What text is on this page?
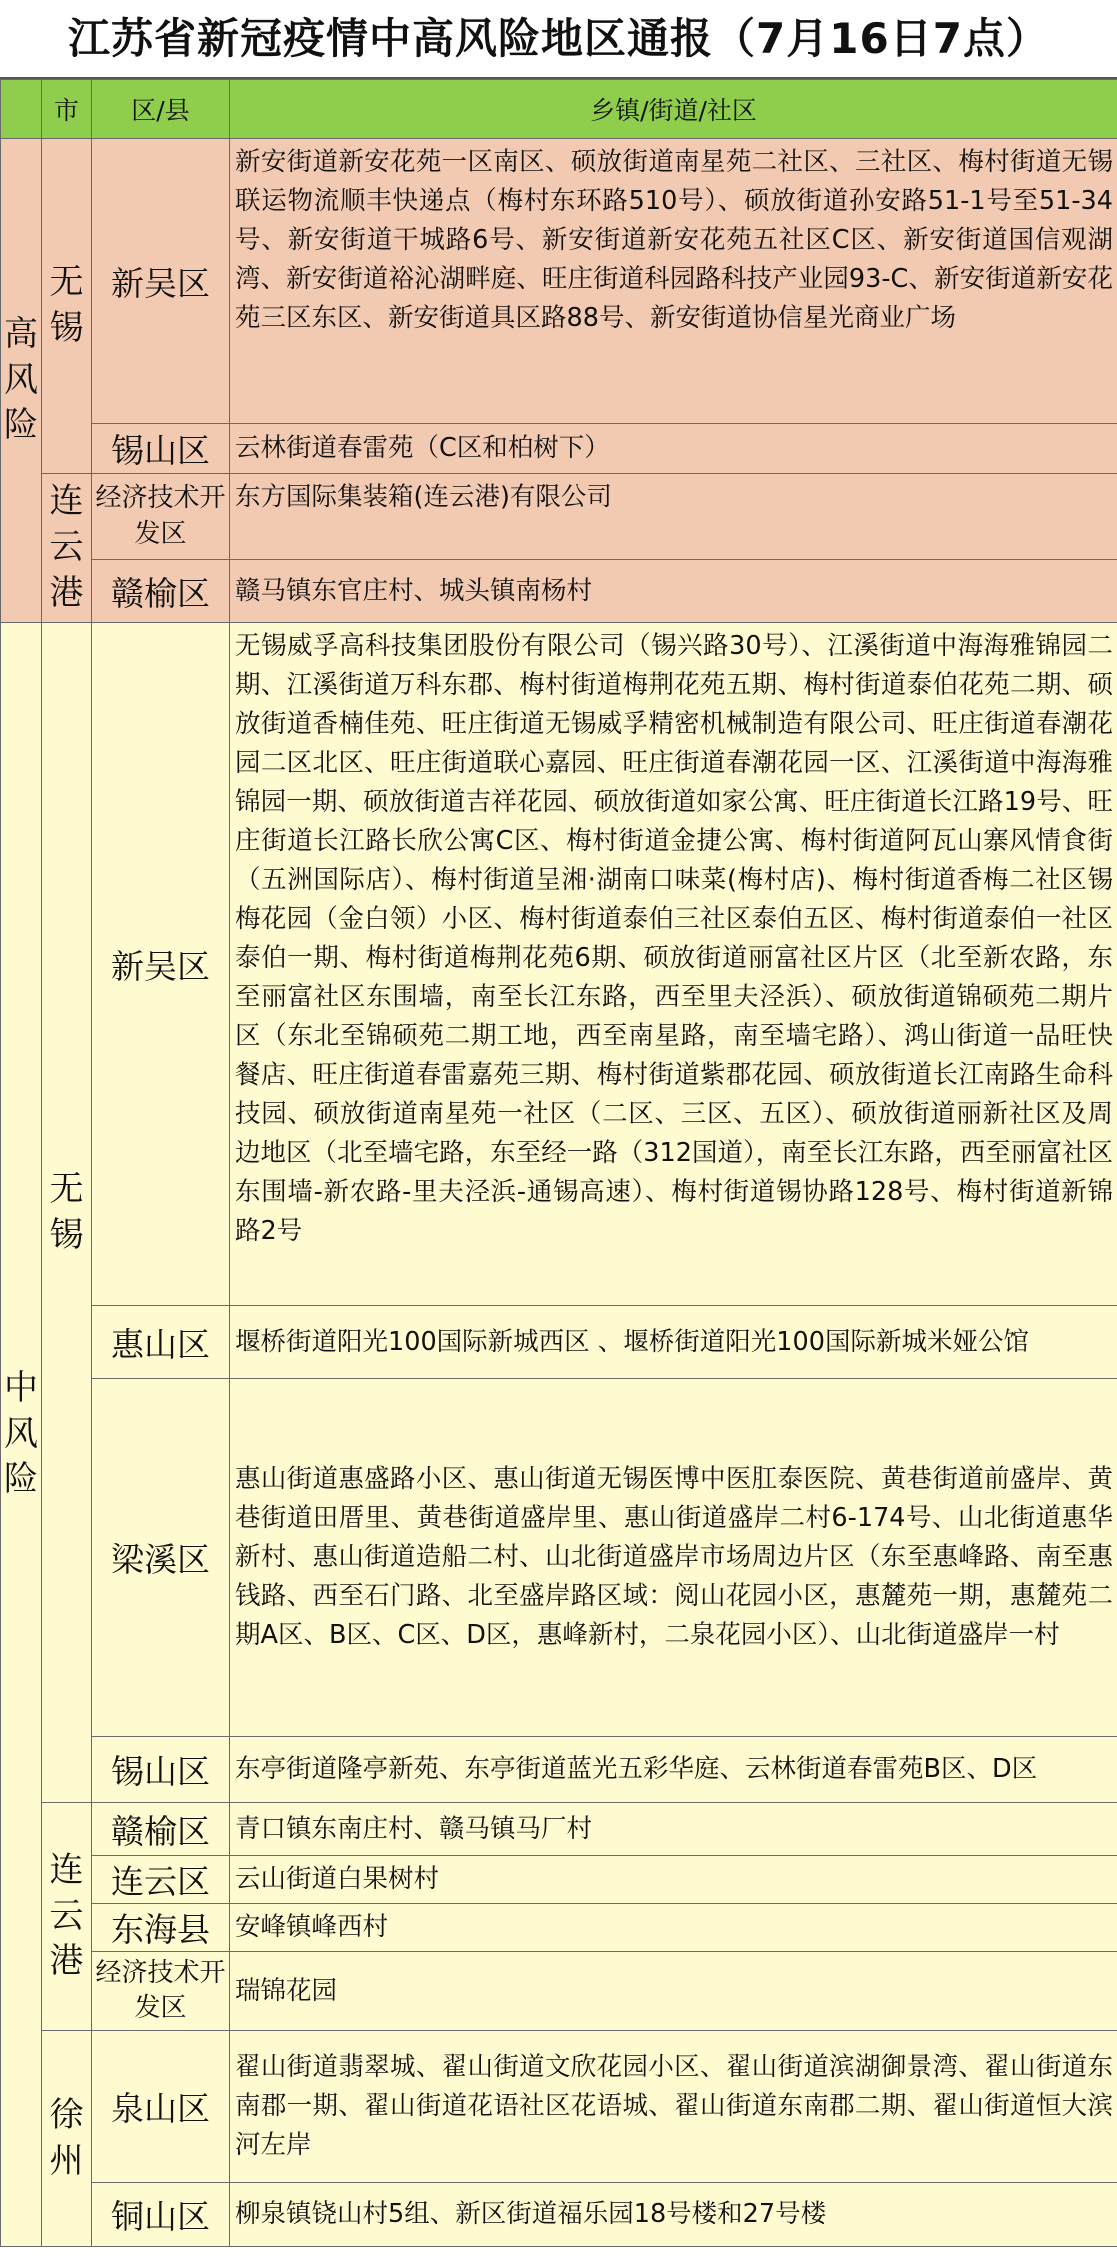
江苏省新冠疫情中高风险地区通报（7月16日7点）
	市	区/县	乡镇/街道/社区
高风险	无锡	新吴区	新安街道新安花苑一区南区、硕放街道南星苑二社区、三社区、梅村街道无锡联运物流顺丰快递点（梅村东环路510号）、硕放街道孙安路51-1号至51-34号、新安街道干城路6号、新安街道新安花苑五社区C区、新安街道国信观湖湾、新安街道裕沁湖畔庭、旺庄街道科园路科技产业园93-C、新安街道新安花苑三区东区、新安街道具区路88号、新安街道协信星光商业广场
		锡山区	云林街道春雷苑（C区和柏树下）
	连云港	经济技术开发区	东方国际集装箱(连云港)有限公司
		赣榆区	赣马镇东官庄村、城头镇南杨村
中风险	无锡	新吴区	无锡威孚高科技集团股份有限公司（锡兴路30号）、江溪街道中海海雅锦园二期、江溪街道万科东郡、梅村街道梅荆花苑五期、梅村街道泰伯花苑二期、硕放街道香楠佳苑、旺庄街道无锡威孚精密机械制造有限公司、旺庄街道春潮花园二区北区、旺庄街道联心嘉园、旺庄街道春潮花园一区、江溪街道中海海雅锦园一期、硕放街道吉祥花园、硕放街道如家公寓、旺庄街道长江路19号、旺庄街道长江路长欣公寓C区、梅村街道金捷公寓、梅村街道阿瓦山寨风情食街（五洲国际店）、梅村街道呈湘·湖南口味菜(梅村店)、梅村街道香梅二社区锡梅花园（金白领）小区、梅村街道泰伯三社区泰伯五区、梅村街道泰伯一社区泰伯一期、梅村街道梅荆花苑6期、硕放街道丽富社区片区（北至新农路，东至丽富社区东围墙，南至长江东路，西至里夫泾浜）、硕放街道锦硕苑二期片区（东北至锦硕苑二期工地，西至南星路，南至墙宅路）、鸿山街道一品旺快餐店、旺庄街道春雷嘉苑三期、梅村街道紫郡花园、硕放街道长江南路生命科技园、硕放街道南星苑一社区（二区、三区、五区）、硕放街道丽新社区及周边地区（北至墙宅路，东至经一路（312国道），南至长江东路，西至丽富社区东围墙-新农路-里夫泾浜-通锡高速）、梅村街道锡协路128号、梅村街道新锦路2号
		惠山区	堰桥街道阳光100国际新城西区 、堰桥街道阳光100国际新城米娅公馆
		梁溪区	惠山街道惠盛路小区、惠山街道无锡医博中医肛泰医院、黄巷街道前盛岸、黄巷街道田厝里、黄巷街道盛岸里、惠山街道盛岸二村6-174号、山北街道惠华新村、惠山街道造船二村、山北街道盛岸市场周边片区（东至惠峰路、南至惠钱路、西至石门路、北至盛岸路区域：阅山花园小区，惠麓苑一期，惠麓苑二期A区、B区、C区、D区，惠峰新村，二泉花园小区）、山北街道盛岸一村
		锡山区	东亭街道隆亭新苑、东亭街道蓝光五彩华庭、云林街道春雷苑B区、D区
	连云港	赣榆区	青口镇东南庄村、赣马镇马厂村
		连云区	云山街道白果树村
		东海县	安峰镇峰西村
		经济技术开发区	瑞锦花园
	徐州	泉山区	翟山街道翡翠城、翟山街道文欣花园小区、翟山街道滨湖御景湾、翟山街道东南郡一期、翟山街道花语社区花语城、翟山街道东南郡二期、翟山街道恒大滨河左岸
		铜山区	柳泉镇铙山村5组、新区街道福乐园18号楼和27号楼
